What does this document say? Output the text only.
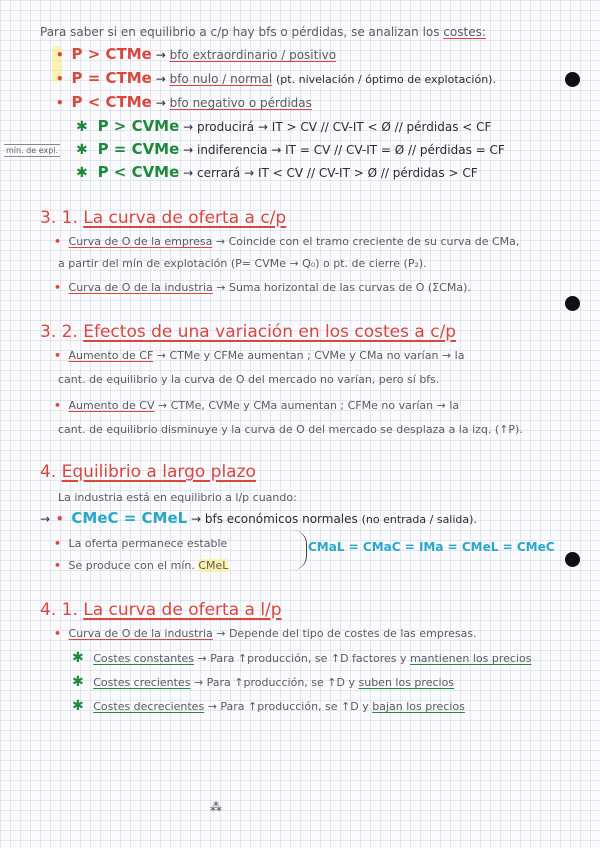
Para saber si en equilibrio a c/p hay bfs o pérdidas, se analizan los costes:
• P > CTMe → bfo extraordinario / positivo
• P = CTMe → bfo nulo / normal (pt. nivelación / óptimo de explotación).
• P < CTMe → bfo negativo o pérdidas
✱ P > CVMe → producirá → IT > CV // CV-IT < Ø // pérdidas < CF
mín. de expl. ✱ P = CVMe → indiferencia → IT = CV // CV-IT = Ø // pérdidas = CF
✱ P < CVMe → cerrará → IT < CV // CV-IT > Ø // pérdidas > CF
3. 1. La curva de oferta a c/p
• Curva de O de la empresa → Coincide con el tramo creciente de su curva de CMa,
a partir del mín de explotación (P= CVMe → Q₀) o pt. de cierre (P₂).
• Curva de O de la industria → Suma horizontal de las curvas de O (ΣCMa).
3. 2. Efectos de una variación en los costes a c/p
• Aumento de CF → CTMe y CFMe aumentan ; CVMe y CMa no varían → la
cant. de equilibrio y la curva de O del mercado no varían, pero sí bfs.
• Aumento de CV → CTMe, CVMe y CMa aumentan ; CFMe no varían → la
cant. de equilibrio disminuye y la curva de O del mercado se desplaza a la izq. (↑P).
4. Equilibrio a largo plazo
La industria está en equilibrio a l/p cuando:
→ • CMeC = CMeL → bfs económicos normales (no entrada / salida).
• La oferta permanece estable
• Se produce con el mín. CMeL
CMaL = CMaC = IMa = CMeL = CMeC
4. 1. La curva de oferta a l/p
• Curva de O de la industria → Depende del tipo de costes de las empresas.
✱ Costes constantes → Para ↑producción, se ↑D factores y mantienen los precios
✱ Costes crecientes → Para ↑producción, se ↑D y suben los precios
✱ Costes decrecientes → Para ↑producción, se ↑D y bajan los precios
⁂
